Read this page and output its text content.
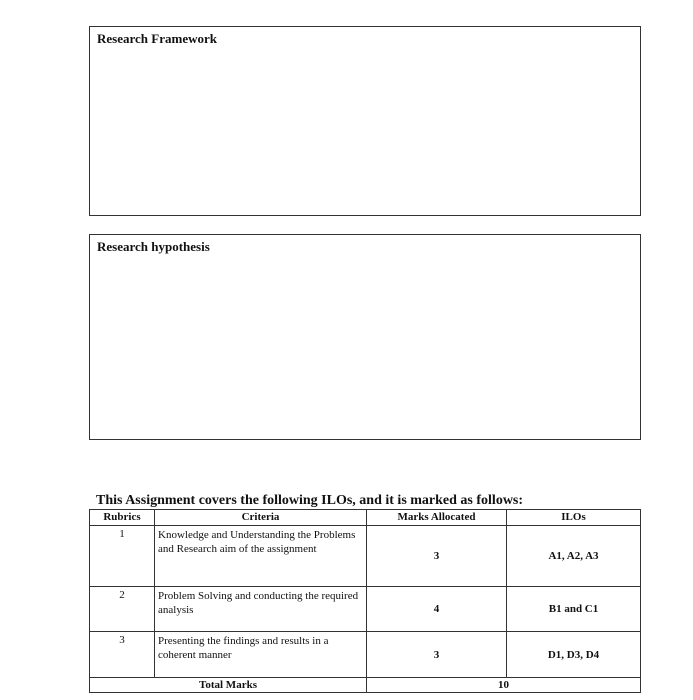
Research Framework
Research hypothesis
This Assignment covers the following ILOs, and it is marked as follows:
Rubrics	Criteria	Marks Allocated	ILOs
1	Knowledge and Understanding the Problems and Research aim of the assignment	3	A1, A2, A3
2	Problem Solving and conducting the required analysis	4	B1 and C1
3	Presenting the findings and results in a coherent manner	3	D1, D3, D4
Total Marks		10	
